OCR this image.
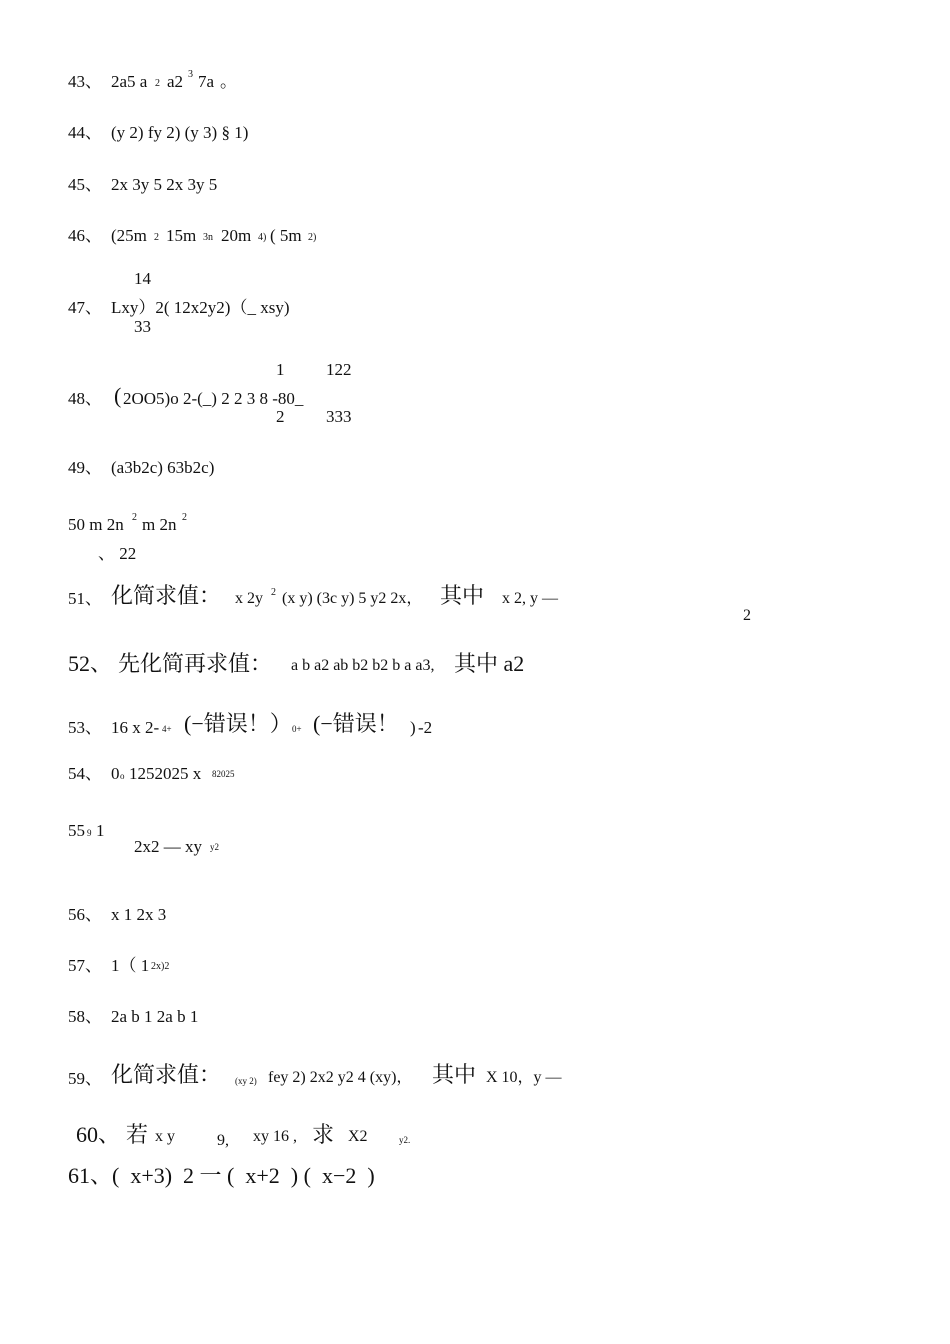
43、 2a5 a 2 a2 3 7a 。
44、 (y 2) fy 2) (y 3) § 1)
45、 2x 3y 5 2x 3y 5
46、 (25m 2 15m 3n 20m 4) ( 5m 2)
14
47、 Lxy）2( 12x2y2)（_ xsy)
33
1 122
48、 ( 2OO5)o 2-(_) 2 2 3 8 -80_
2 333
49、 (a3b2c) 63b2c)
50 m 2n 2 m 2n 2
、 22
51、 化简求值： x 2y 2 (x y) (3c y) 5 y2 2x， 其中 x 2, y —
2
52、 先化简再求值： a b a2 ab b2 b2 b a a3, 其中 a2
53、 16 x 2- 4+ (−错误！） 0+ (−错误！ ) -2
54、 0 o 1252025 x 82025
55 9 1
2x2 — xy y2
56、 x 1 2x 3
57、 1（ 1 2x)2
58、 2a b 1 2a b 1
59、 化简求值： (xy 2) fey 2) 2x2 y2 4 (xy)， 其中 X 10，y —
60、 若 x y	9, xy 16 , 求 X2	y2.
61、(  x+3)  2 一 (  x+2  ) (  x−2  )
